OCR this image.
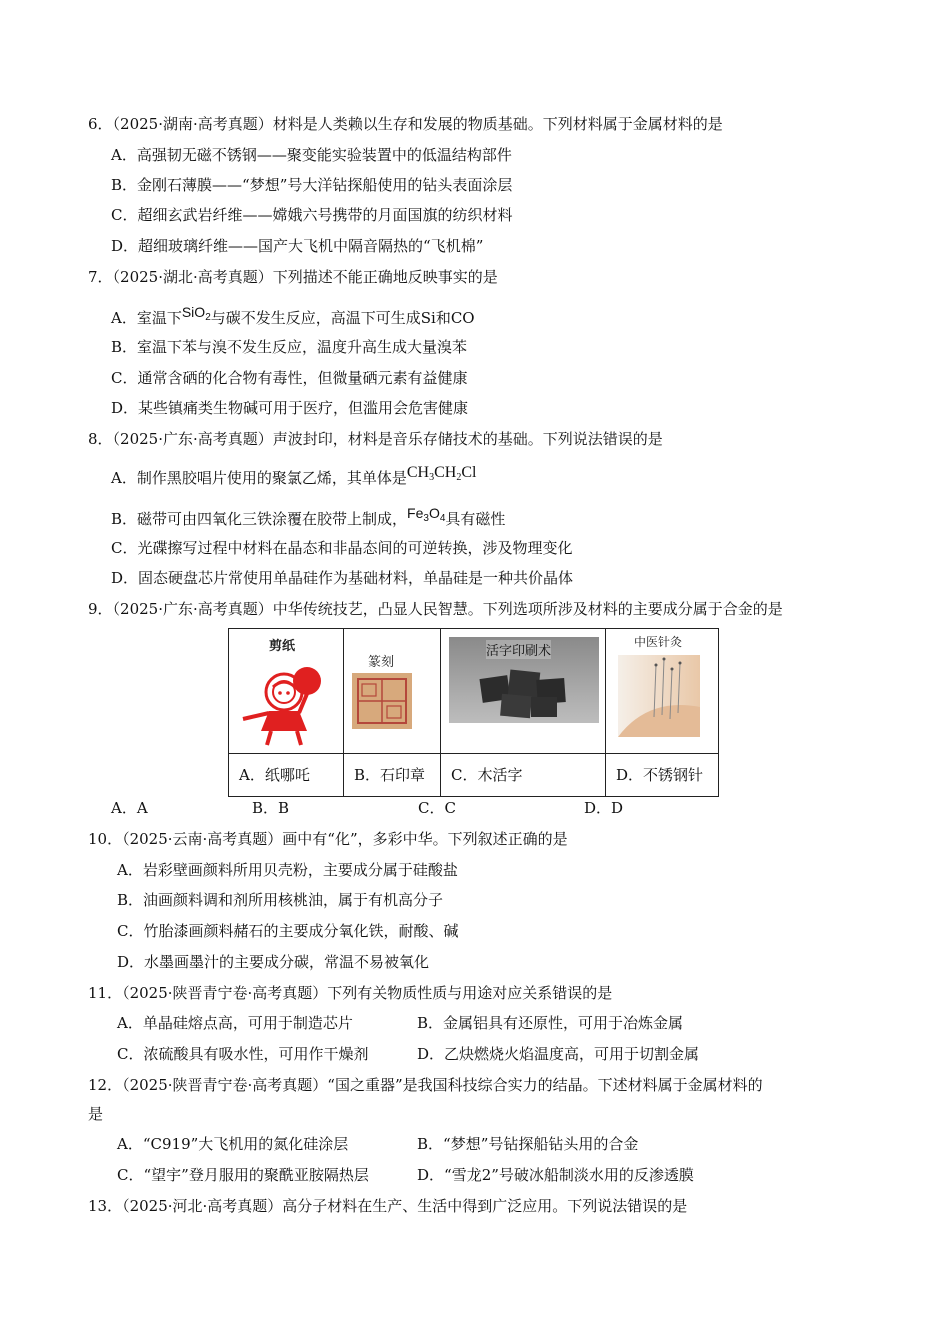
6．（2025·湖南·高考真题）材料是人类赖以生存和发展的物质基础。下列材料属于金属材料的是
A．高强韧无磁不锈钢——聚变能实验装置中的低温结构部件
B．金刚石薄膜——“梦想”号大洋钻探船使用的钻头表面涂层
C．超细玄武岩纤维——嫦娥六号携带的月面国旗的纺织材料
D．超细玻璃纤维——国产大飞机中隔音隔热的“飞机棉”
7．（2025·湖北·高考真题）下列描述不能正确地反映事实的是
A．室温下SiO$_2$与碳不发生反应，高温下可生成Si和CO
B．室温下苯与溴不发生反应，温度升高生成大量溴苯
C．通常含硒的化合物有毒性，但微量硒元素有益健康
D．某些镇痛类生物碱可用于医疗，但滥用会危害健康
8．（2025·广东·高考真题）声波封印，材料是音乐存储技术的基础。下列说法错误的是
A．制作黑胶唱片使用的聚氯乙烯，其单体是$CH_3CH_2Cl$
B．磁带可由四氧化三铁涂覆在胶带上制成，$Fe_3O_4$具有磁性
C．光碟擦写过程中材料在晶态和非晶态间的可逆转换，涉及物理变化
D．固态硬盘芯片常使用单晶硅作为基础材料，单晶硅是一种共价晶体
9．（2025·广东·高考真题）中华传统技艺，凸显人民智慧。下列选项所涉及材料的主要成分属于合金的是
剪纸	篆刻	活字印刷术	中医针灸

A．纸哪吒	B．石印章	C．木活字	D．不锈钢针
A．A	B．B	C．C	D．D
10．（2025·云南·高考真题）画中有“化”，多彩中华。下列叙述正确的是
A．岩彩壁画颜料所用贝壳粉，主要成分属于硅酸盐
B．油画颜料调和剂所用核桃油，属于有机高分子
C．竹胎漆画颜料赭石的主要成分氧化铁，耐酸、碱
D．水墨画墨汁的主要成分碳，常温不易被氧化
11．（2025·陕晋青宁卷·高考真题）下列有关物质性质与用途对应关系错误的是
A．单晶硅熔点高，可用于制造芯片	B．金属铝具有还原性，可用于冶炼金属
C．浓硫酸具有吸水性，可用作干燥剂	D．乙炔燃烧火焰温度高，可用于切割金属
12．（2025·陕晋青宁卷·高考真题）“国之重器”是我国科技综合实力的结晶。下述材料属于金属材料的
是
A．“C919”大飞机用的氮化硅涂层	B．“梦想”号钻探船钻头用的合金
C．“望宇”登月服用的聚酰亚胺隔热层	D．“雪龙2”号破冰船制淡水用的反渗透膜
13．（2025·河北·高考真题）高分子材料在生产、生活中得到广泛应用。下列说法错误的是
